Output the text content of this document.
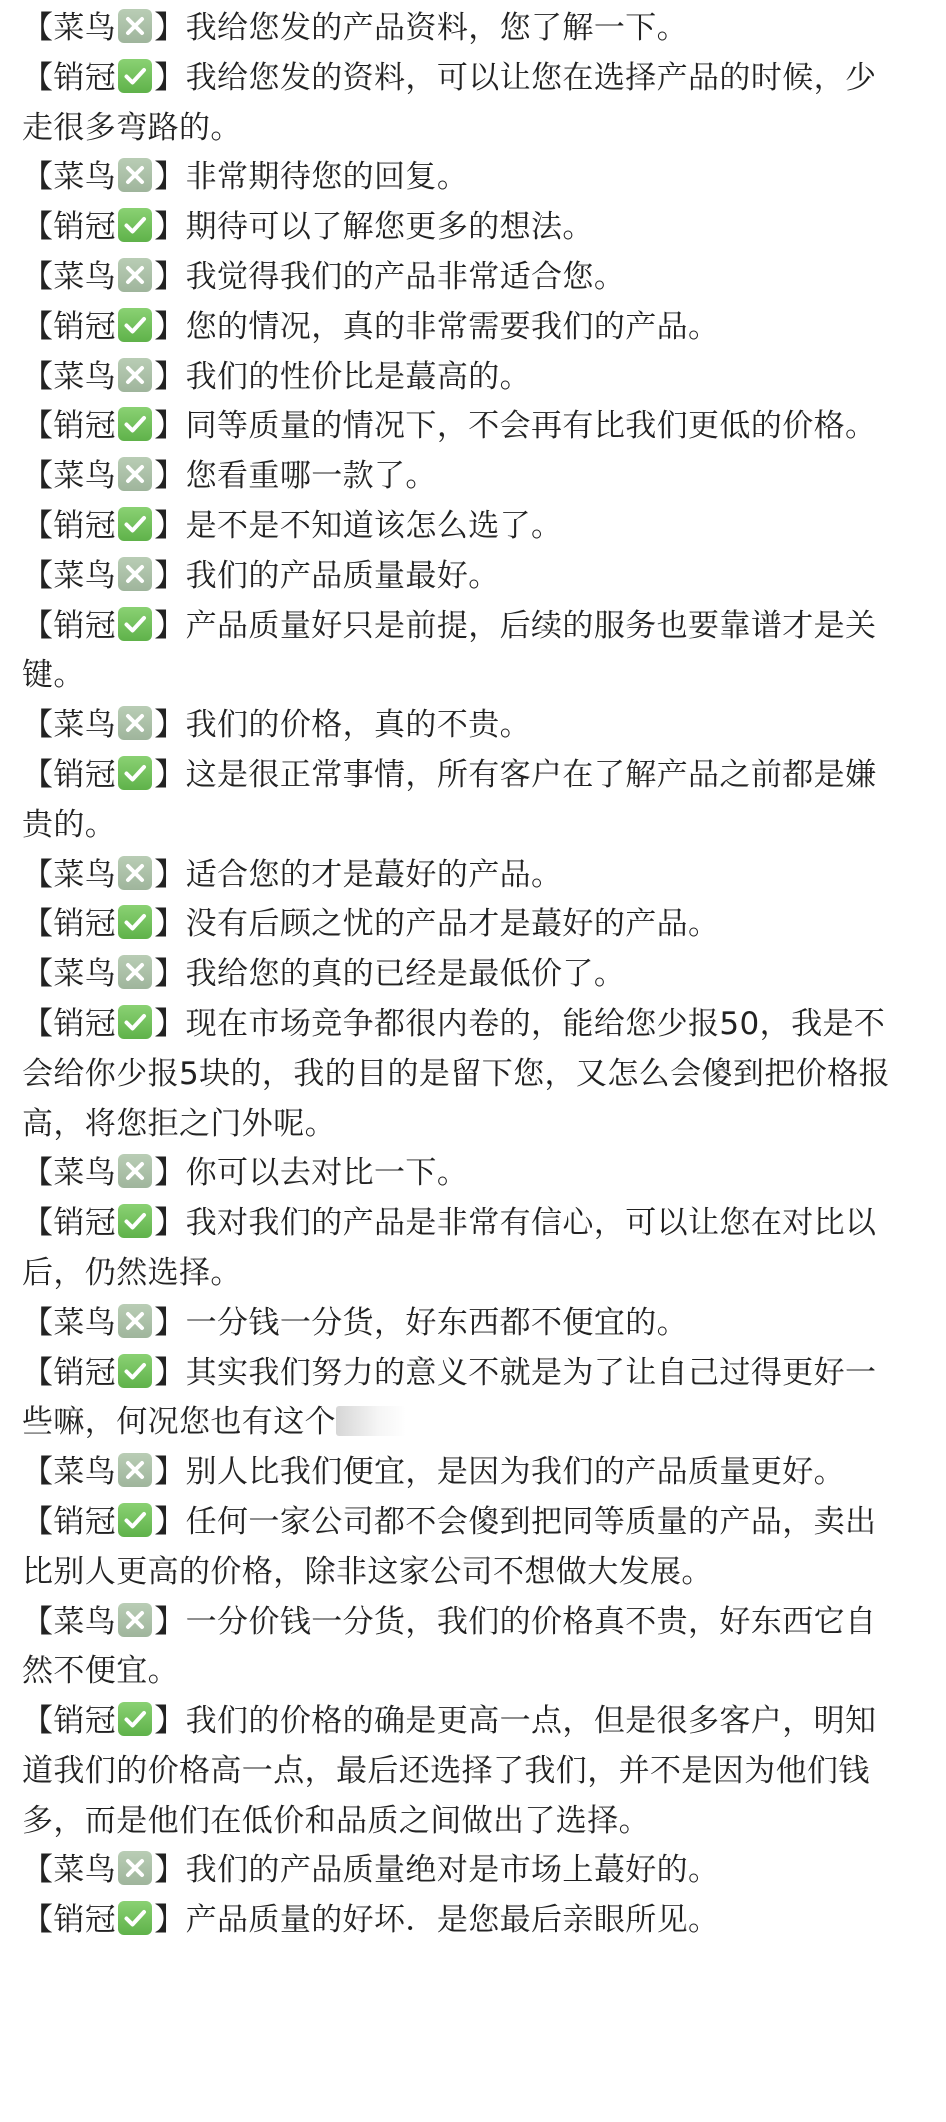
【菜鸟 】我给您发的产品资料，您了解一下。
【销冠 】我给您发的资料，可以让您在选择产品的时候，少走很多弯路的。
【菜鸟 】非常期待您的回复。
【销冠 】期待可以了解您更多的想法。
【菜鸟 】我觉得我们的产品非常适合您。
【销冠 】您的情况，真的非常需要我们的产品。
【菜鸟 】我们的性价比是蕞高的。
【销冠 】同等质量的情况下，不会再有比我们更低的价格。
【菜鸟 】您看重哪一款了。
【销冠 】是不是不知道该怎么选了。
【菜鸟 】我们的产品质量最好。
【销冠 】产品质量好只是前提，后续的服务也要靠谱才是关键。
【菜鸟 】我们的价格，真的不贵。
【销冠 】这是很正常事情，所有客户在了解产品之前都是嫌贵的。
【菜鸟 】适合您的才是蕞好的产品。
【销冠 】没有后顾之忧的产品才是蕞好的产品。
【菜鸟 】我给您的真的已经是最低价了。
【销冠 】现在市场竞争都很内卷的，能给您少报50，我是不会给你少报5块的，我的目的是留下您，又怎么会傻到把价格报高，将您拒之门外呢。
【菜鸟 】你可以去对比一下。
【销冠 】我对我们的产品是非常有信心，可以让您在对比以后，仍然选择。
【菜鸟 】一分钱一分货，好东西都不便宜的。
【销冠 】其实我们努力的意义不就是为了让自己过得更好一些嘛，何况您也有这个
【菜鸟 】别人比我们便宜，是因为我们的产品质量更好。
【销冠 】任何一家公司都不会傻到把同等质量的产品，卖出比别人更高的价格，除非这家公司不想做大发展。
【菜鸟 】一分价钱一分货，我们的价格真不贵，好东西它自然不便宜。
【销冠 】我们的价格的确是更高一点，但是很多客户，明知道我们的价格高一点，最后还选择了我们，并不是因为他们钱多，而是他们在低价和品质之间做出了选择。
【菜鸟 】我们的产品质量绝对是市场上蕞好的。
【销冠 】产品质量的好坏．是您最后亲眼所见。
